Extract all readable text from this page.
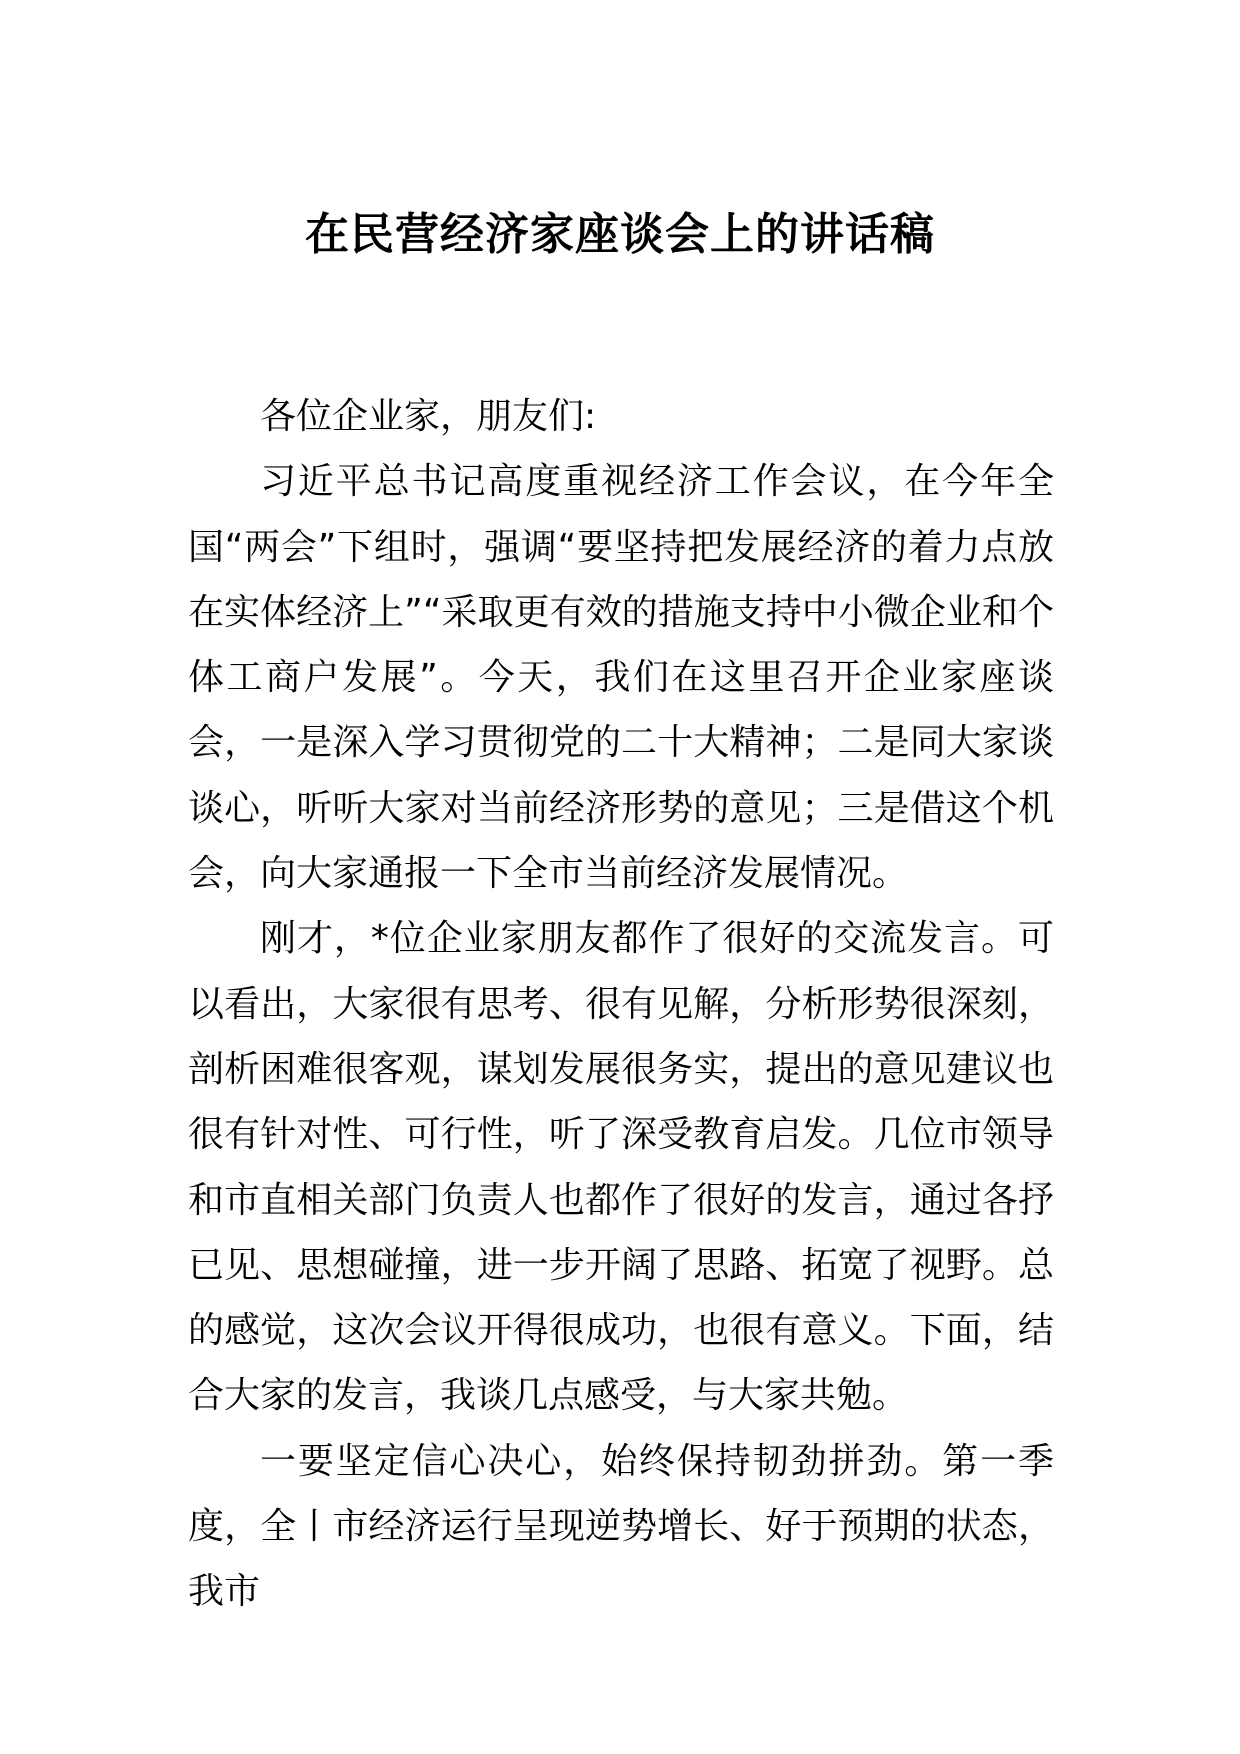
在民营经济家座谈会上的讲话稿

各位企业家，朋友们:

习近平总书记高度重视经济工作会议，在今年全国“两会”下组时，强调“要坚持把发展经济的着力点放在实体经济上”“采取更有效的措施支持中小微企业和个体工商户发展”。今天，我们在这里召开企业家座谈会，一是深入学习贯彻党的二十大精神；二是同大家谈谈心，听听大家对当前经济形势的意见；三是借这个机会，向大家通报一下全市当前经济发展情况。

刚才，*位企业家朋友都作了很好的交流发言。可以看出，大家很有思考、很有见解，分析形势很深刻，剖析困难很客观，谋划发展很务实，提出的意见建议也很有针对性、可行性，听了深受教育启发。几位市领导和市直相关部门负责人也都作了很好的发言，通过各抒已见、思想碰撞，进一步开阔了思路、拓宽了视野。总的感觉，这次会议开得很成功，也很有意义。下面，结合大家的发言，我谈几点感受，与大家共勉。

一要坚定信心决心，始终保持韧劲拼劲。第一季度，全丨市经济运行呈现逆势增长、好于预期的状态，我市
